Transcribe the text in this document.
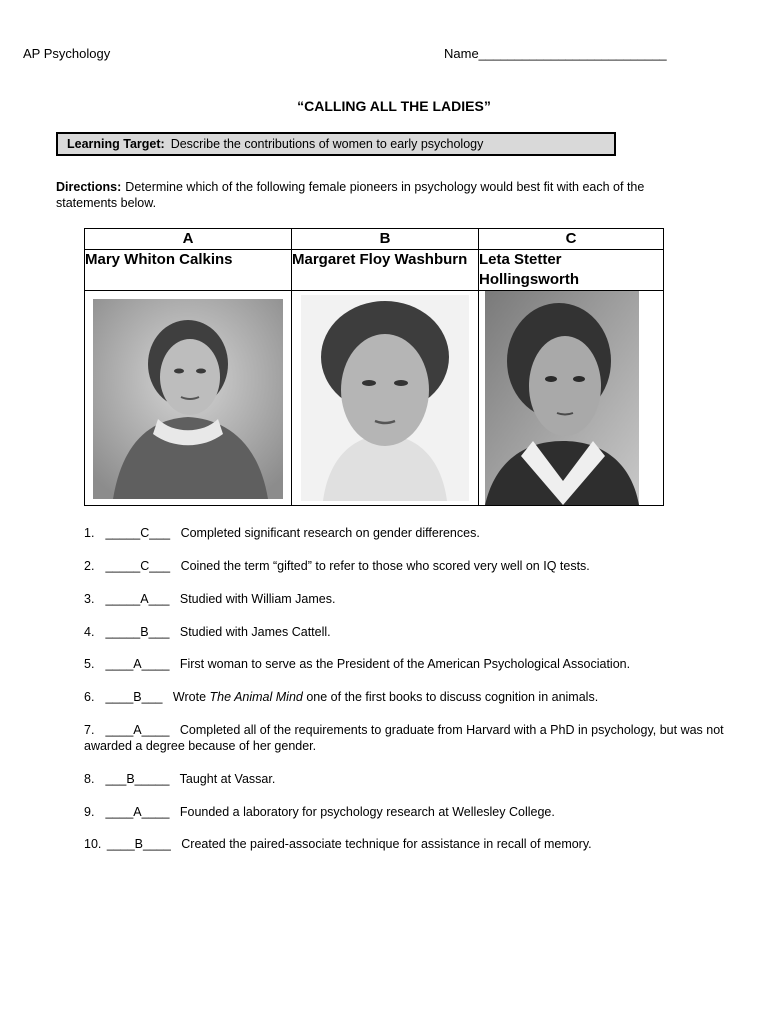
AP Psychology	Name__________________________
“CALLING ALL THE LADIES”
Learning Target: Describe the contributions of women to early psychology
Directions: Determine which of the following female pioneers in psychology would best fit with each of the statements below.
A	B	C
Mary Whiton Calkins	Margaret Floy Washburn	Leta Stetter Hollingsworth

1. _____C___ Completed significant research on gender differences.
2. _____C___ Coined the term “gifted” to refer to those who scored very well on IQ tests.
3. _____A___ Studied with William James.
4. _____B___ Studied with James Cattell.
5. ____A____ First woman to serve as the President of the American Psychological Association.
6. ____B___ Wrote The Animal Mind one of the first books to discuss cognition in animals.
7. ____A____ Completed all of the requirements to graduate from Harvard with a PhD in psychology, but was not awarded a degree because of her gender.
8. ___B_____ Taught at Vassar.
9. ____A____ Founded a laboratory for psychology research at Wellesley College.
10. ____B____ Created the paired-associate technique for assistance in recall of memory.
